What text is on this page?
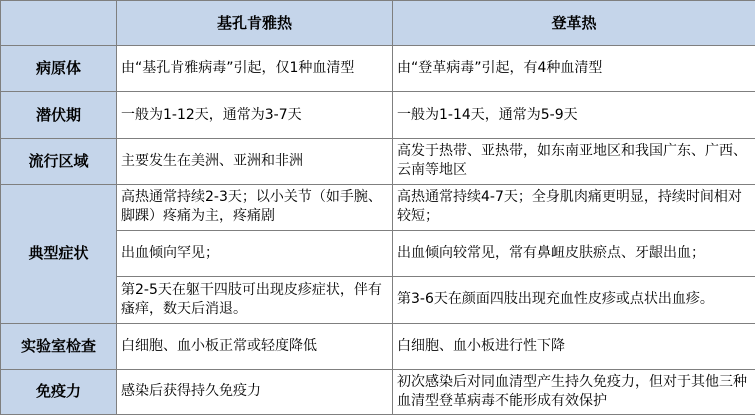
	基孔肯雅热	登革热
病原体	由“基孔肯雅病毒”引起，仅1种血清型	由“登革病毒”引起，有4种血清型
潜伏期	一般为1-12天，通常为3-7天	一般为1-14天，通常为5-9天
流行区域	主要发生在美洲、亚洲和非洲	高发于热带、亚热带，如东南亚地区和我国广东、广西、云南等地区
典型症状	高热通常持续2-3天；以小关节（如手腕、脚踝）疼痛为主，疼痛剧	高热通常持续4-7天；全身肌肉痛更明显，持续时间相对较短；
	出血倾向罕见；	出血倾向较常见，常有鼻衄皮肤瘀点、牙龈出血；
	第2-5天在躯干四肢可出现皮疹症状，伴有瘙痒，数天后消退。	第3-6天在颜面四肢出现充血性皮疹或点状出血疹。
实验室检查	白细胞、血小板正常或轻度降低	白细胞、血小板进行性下降
免疫力	感染后获得持久免疫力	初次感染后对同血清型产生持久免疫力，但对于其他三种血清型登革病毒不能形成有效保护
